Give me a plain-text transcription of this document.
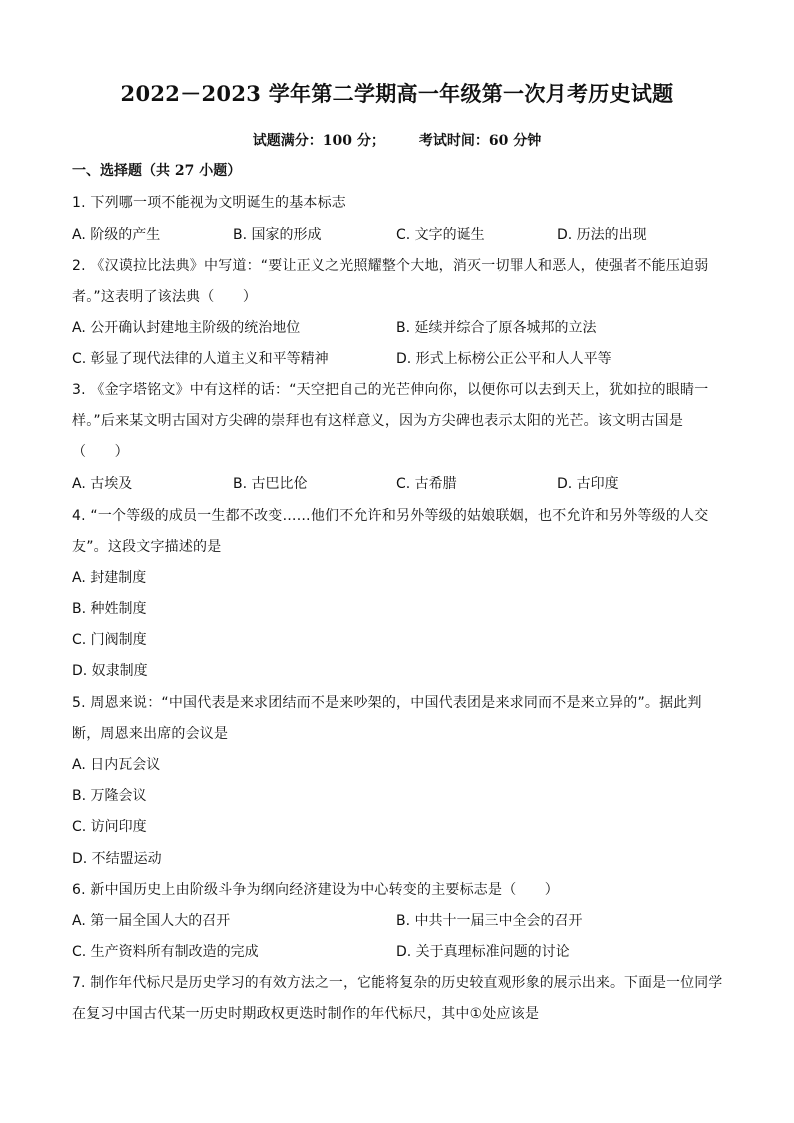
2022－2023 学年第二学期高一年级第一次月考历史试题
试题满分：100 分； 考试时间：60 分钟
一、选择题（共 27 小题）
1. 下列哪一项不能视为文明诞生的基本标志
A. 阶级的产生	B. 国家的形成	C. 文字的诞生	D. 历法的出现
2. 《汉谟拉比法典》中写道：“要让正义之光照耀整个大地，消灭一切罪人和恶人，使强者不能压迫弱
者。”这表明了该法典（　　）
A. 公开确认封建地主阶级的统治地位	B. 延续并综合了原各城邦的立法
C. 彰显了现代法律的人道主义和平等精神	D. 形式上标榜公正公平和人人平等
3. 《金字塔铭文》中有这样的话：“天空把自己的光芒伸向你，以便你可以去到天上，犹如拉的眼睛一
样。”后来某文明古国对方尖碑的崇拜也有这样意义，因为方尖碑也表示太阳的光芒。该文明古国是
（　　）
A. 古埃及	B. 古巴比伦	C. 古希腊	D. 古印度
4. “一个等级的成员一生都不改变……他们不允许和另外等级的姑娘联姻，也不允许和另外等级的人交
友”。这段文字描述的是
A. 封建制度
B. 种姓制度
C. 门阀制度
D. 奴隶制度
5. 周恩来说：“中国代表是来求团结而不是来吵架的，中国代表团是来求同而不是来立异的”。据此判
断，周恩来出席的会议是
A. 日内瓦会议
B. 万隆会议
C. 访问印度
D. 不结盟运动
6. 新中国历史上由阶级斗争为纲向经济建设为中心转变的主要标志是（　　）
A. 第一届全国人大的召开	B. 中共十一届三中全会的召开
C. 生产资料所有制改造的完成	D. 关于真理标准问题的讨论
7. 制作年代标尺是历史学习的有效方法之一，它能将复杂的历史较直观形象的展示出来。下面是一位同学
在复习中国古代某一历史时期政权更迭时制作的年代标尺，其中①处应该是
